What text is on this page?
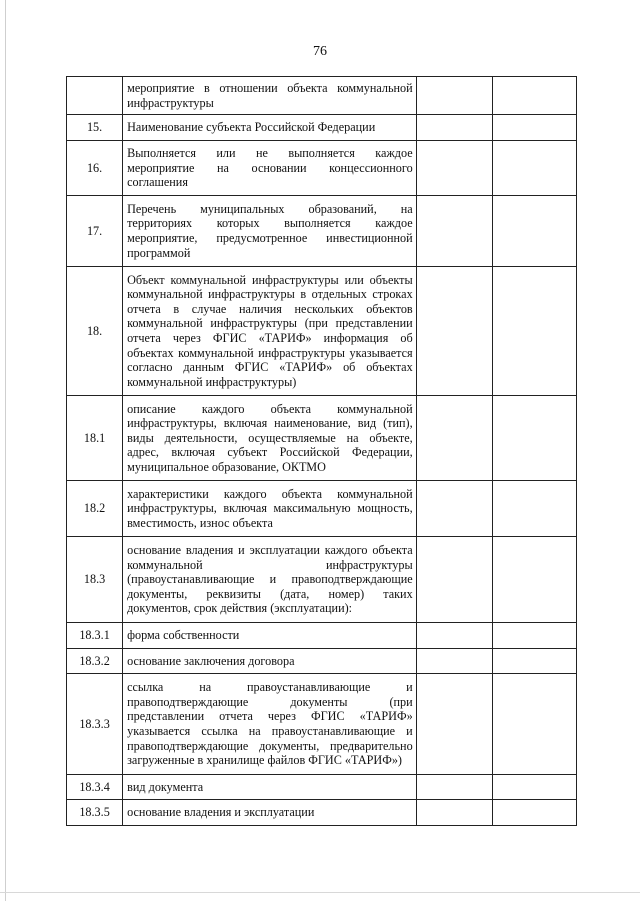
76

	мероприятие в отношении объекта коммунальной инфраструктуры		

15.	Наименование субъекта Российской Федерации		

16.	Выполняется или не выполняется каждое мероприятие на основании концессионного соглашения		

17.	Перечень муниципальных образований, на территориях которых выполняется каждое мероприятие, предусмотренное инвестиционной программой		

18.	Объект коммунальной инфраструктуры или объекты коммунальной инфраструктуры в отдельных строках отчета в случае наличия нескольких объектов коммунальной инфраструктуры (при представлении отчета через ФГИС «ТАРИФ» информация об объектах коммунальной инфраструктуры указывается согласно данным ФГИС «ТАРИФ» об объектах коммунальной инфраструктуры)		

18.1	описание каждого объекта коммунальной инфраструктуры, включая наименование, вид (тип), виды деятельности, осуществляемые на объекте, адрес, включая субъект Российской Федерации, муниципальное образование, ОКТМО		

18.2	характеристики каждого объекта коммунальной инфраструктуры, включая максимальную мощность, вместимость, износ объекта		

18.3	основание владения и эксплуатации каждого объекта коммунальной инфраструктуры (правоустанавливающие и правоподтверждающие документы, реквизиты (дата, номер) таких документов, срок действия (эксплуатации):		

18.3.1	форма собственности		

18.3.2	основание заключения договора		

18.3.3	ссылка на правоустанавливающие и правоподтверждающие документы (при представлении отчета через ФГИС «ТАРИФ» указывается ссылка на правоустанавливающие и правоподтверждающие документы, предварительно загруженные в хранилище файлов ФГИС «ТАРИФ»)		

18.3.4	вид документа		

18.3.5	основание владения и эксплуатации		
